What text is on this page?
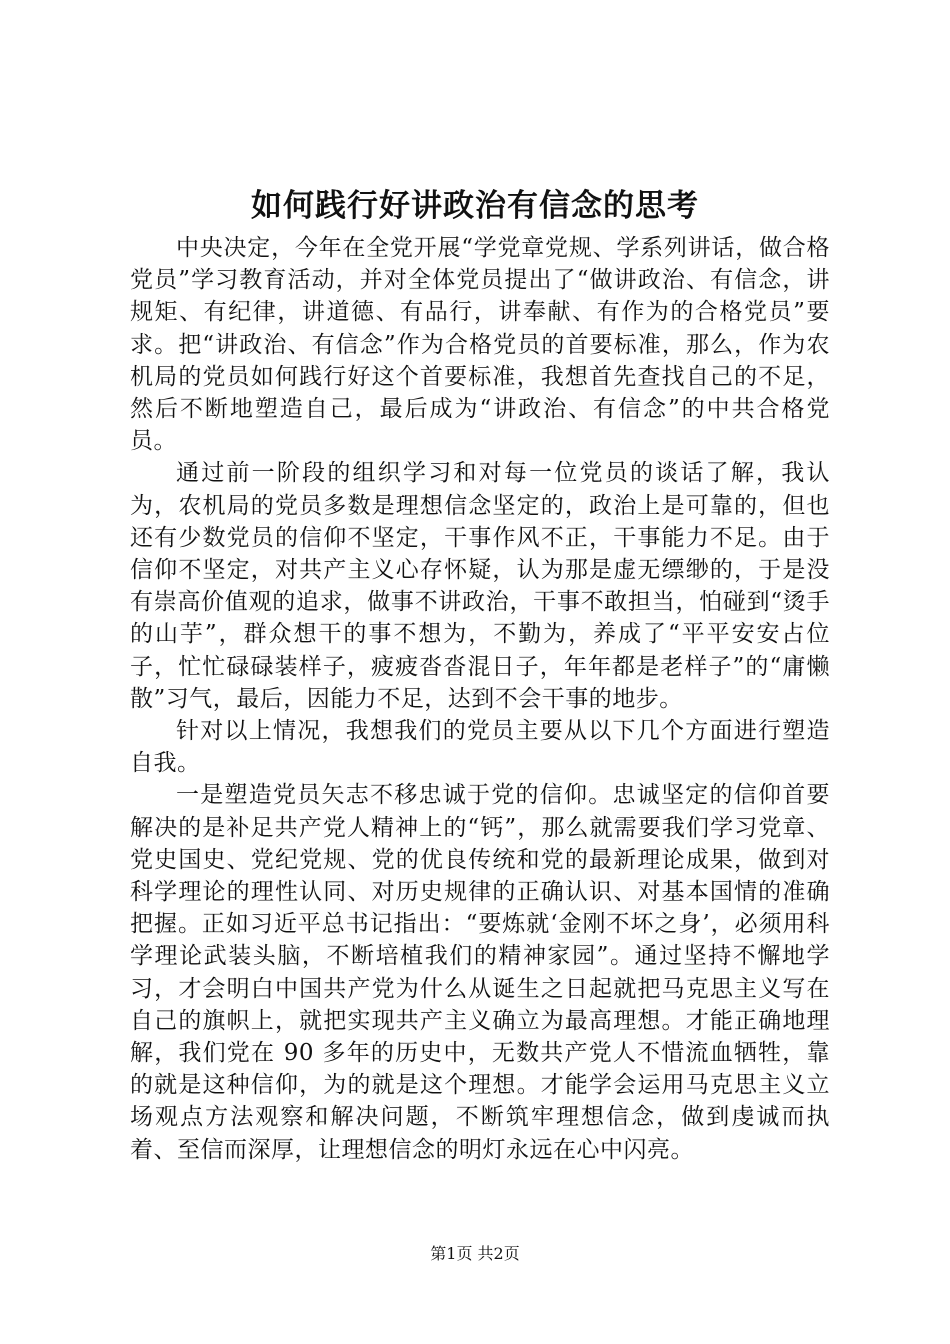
如何践行好讲政治有信念的思考

中央决定，今年在全党开展“学党章党规、学系列讲话，做合格党员”学习教育活动，并对全体党员提出了“做讲政治、有信念，讲规矩、有纪律，讲道德、有品行，讲奉献、有作为的合格党员”要求。把“讲政治、有信念”作为合格党员的首要标准，那么，作为农机局的党员如何践行好这个首要标准，我想首先查找自己的不足，然后不断地塑造自己，最后成为“讲政治、有信念”的中共合格党员。

通过前一阶段的组织学习和对每一位党员的谈话了解，我认为，农机局的党员多数是理想信念坚定的，政治上是可靠的，但也还有少数党员的信仰不坚定，干事作风不正，干事能力不足。由于信仰不坚定，对共产主义心存怀疑，认为那是虚无缥缈的，于是没有崇高价值观的追求，做事不讲政治，干事不敢担当，怕碰到“烫手的山芋”，群众想干的事不想为，不勤为，养成了“平平安安占位子，忙忙碌碌装样子，疲疲沓沓混日子，年年都是老样子”的“庸懒散”习气，最后，因能力不足，达到不会干事的地步。

针对以上情况，我想我们的党员主要从以下几个方面进行塑造自我。

一是塑造党员矢志不移忠诚于党的信仰。忠诚坚定的信仰首要解决的是补足共产党人精神上的“钙”，那么就需要我们学习党章、党史国史、党纪党规、党的优良传统和党的最新理论成果，做到对科学理论的理性认同、对历史规律的正确认识、对基本国情的准确把握。正如习近平总书记指出：“要炼就‘金刚不坏之身’，必须用科学理论武装头脑，不断培植我们的精神家园”。通过坚持不懈地学习，才会明白中国共产党为什么从诞生之日起就把马克思主义写在自己的旗帜上，就把实现共产主义确立为最高理想。才能正确地理解，我们党在 90 多年的历史中，无数共产党人不惜流血牺牲，靠的就是这种信仰，为的就是这个理想。才能学会运用马克思主义立场观点方法观察和解决问题，不断筑牢理想信念，做到虔诚而执着、至信而深厚，让理想信念的明灯永远在心中闪亮。

第1页 共2页
